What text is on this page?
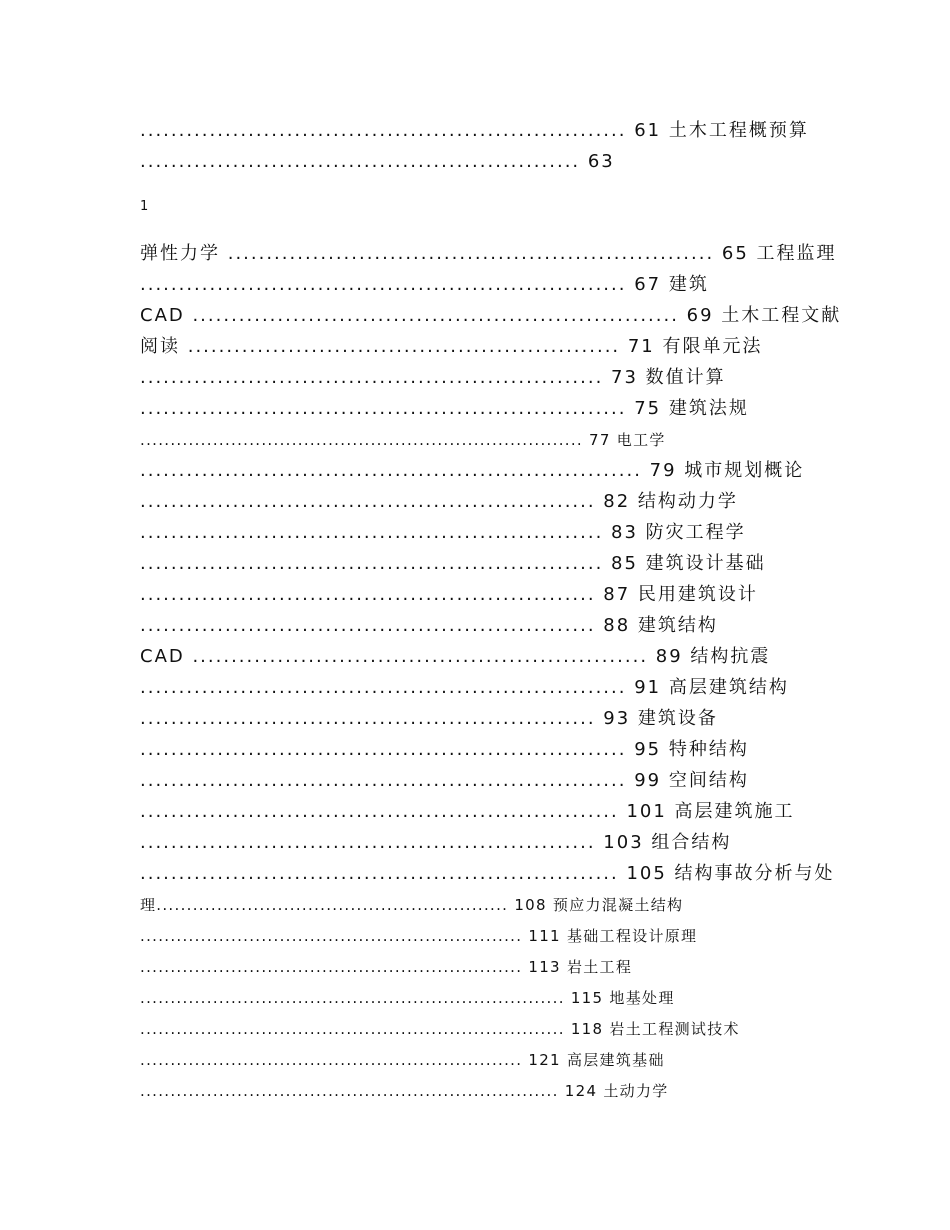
............................................................... 61 土木工程概预算
......................................................... 63
1
弹性力学 ............................................................... 65 工程监理
............................................................... 67 建筑
CAD ............................................................... 69 土木工程文献
阅读 ........................................................ 71 有限单元法
............................................................ 73 数值计算
............................................................... 75 建筑法规
......................................................................... 77 电工学
................................................................. 79 城市规划概论
........................................................... 82 结构动力学
............................................................ 83 防灾工程学
............................................................ 85 建筑设计基础
........................................................... 87 民用建筑设计
........................................................... 88 建筑结构
CAD ........................................................... 89 结构抗震
............................................................... 91 高层建筑结构
........................................................... 93 建筑设备
............................................................... 95 特种结构
............................................................... 99 空间结构
.............................................................. 101 高层建筑施工
........................................................... 103 组合结构
.............................................................. 105 结构事故分析与处
理.......................................................... 108 预应力混凝土结构
............................................................... 111 基础工程设计原理
............................................................... 113 岩土工程
...................................................................... 115 地基处理
...................................................................... 118 岩土工程测试技术
............................................................... 121 高层建筑基础
..................................................................... 124 土动力学
